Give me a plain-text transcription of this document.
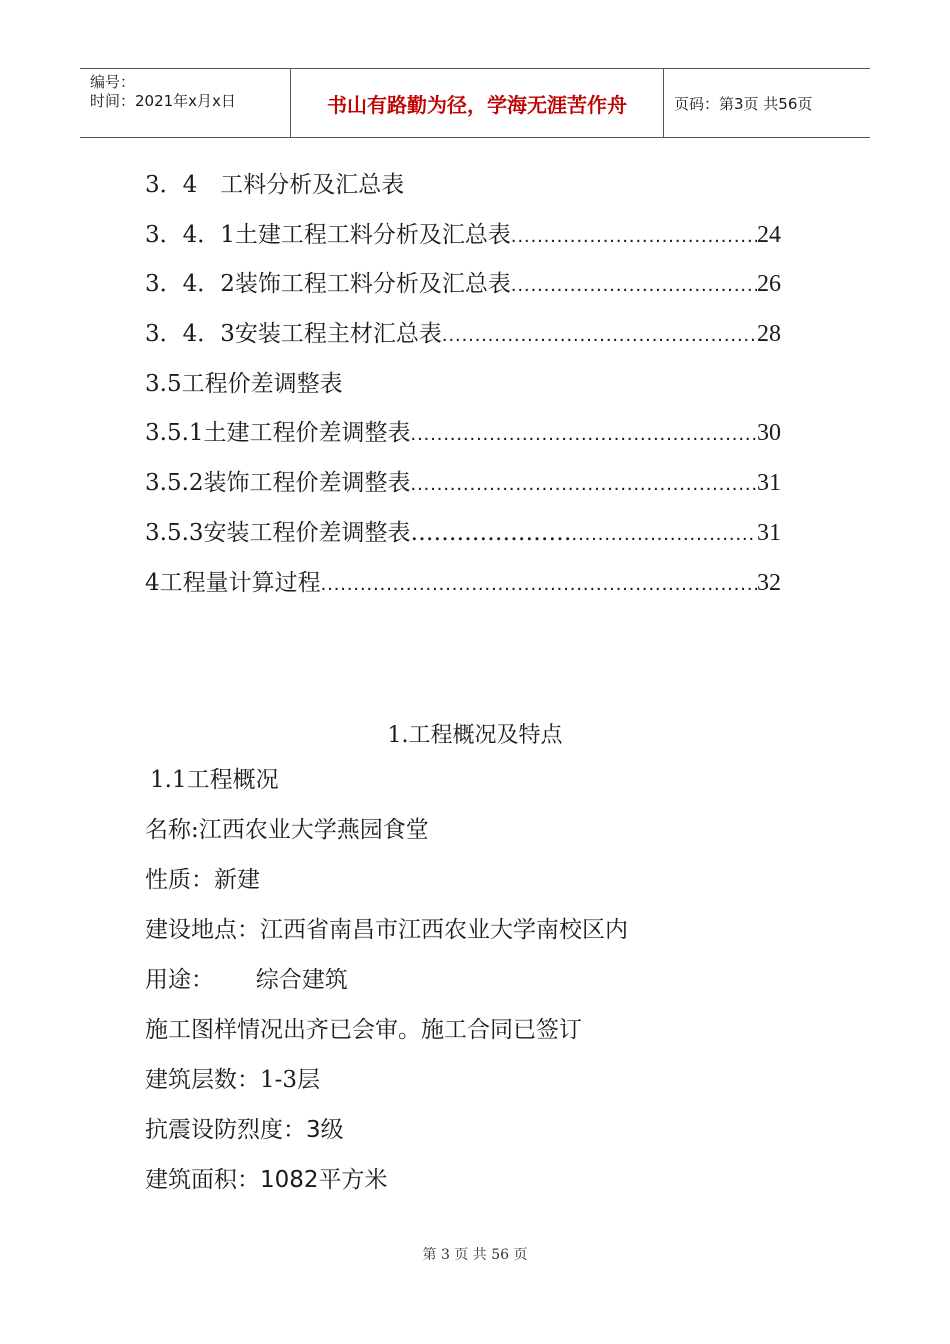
编号：
时间：2021年x月x日	书山有路勤为径，学海无涯苦作舟	页码：第3页 共56页
3．4　工料分析及汇总表
3．4．1土建工程工料分析及汇总表 .....	24
3．4．2装饰工程工料分析及汇总表 .....	26
3．4．3安装工程主材汇总表 .....	28
3.5工程价差调整表
3.5.1土建工程价差调整表 .....	30
3.5.2装饰工程价差调整表 .....	31
3.5.3安装工程价差调整表………………… .....	31
4工程量计算过程 .....	32
1.工程概况及特点
1.1工程概况
名称:江西农业大学燕园食堂
性质：新建
建设地点：江西省南昌市江西农业大学南校区内
用途：　　 综合建筑
施工图样情况出齐已会审。施工合同已签订
建筑层数：1-3层
抗震设防烈度：3级
建筑面积：1082平方米
第 3 页 共 56 页
